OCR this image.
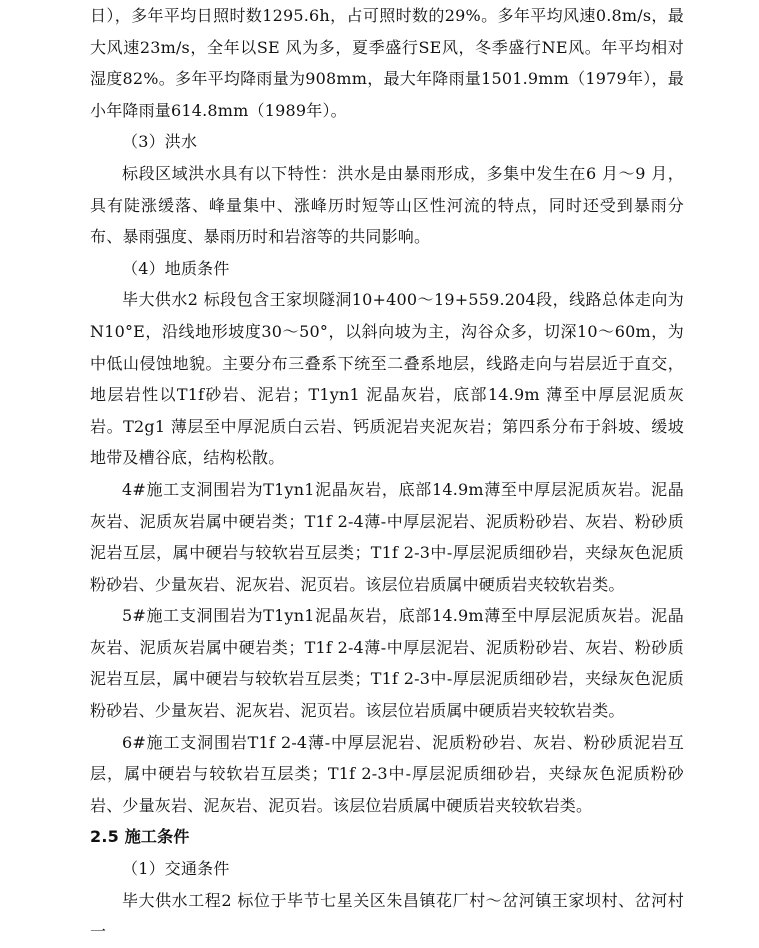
日），多年平均日照时数1295.6h，占可照时数的29%。多年平均风速0.8m/s，最大风速23m/s，全年以SE 风为多，夏季盛行SE风，冬季盛行NE风。年平均相对湿度82%。多年平均降雨量为908mm，最大年降雨量1501.9mm（1979年），最小年降雨量614.8mm（1989年）。

（3）洪水

标段区域洪水具有以下特性：洪水是由暴雨形成，多集中发生在6 月～9 月，具有陡涨缓落、峰量集中、涨峰历时短等山区性河流的特点，同时还受到暴雨分布、暴雨强度、暴雨历时和岩溶等的共同影响。

（4）地质条件

毕大供水2 标段包含王家坝隧洞10+400～19+559.204段，线路总体走向为N10°E，沿线地形坡度30～50°，以斜向坡为主，沟谷众多，切深10～60m，为中低山侵蚀地貌。主要分布三叠系下统至二叠系地层，线路走向与岩层近于直交，地层岩性以T1f砂岩、泥岩；T1yn1 泥晶灰岩，底部14.9m 薄至中厚层泥质灰岩。T2g1 薄层至中厚泥质白云岩、钙质泥岩夹泥灰岩；第四系分布于斜坡、缓坡地带及槽谷底，结构松散。

4#施工支洞围岩为T1yn1泥晶灰岩，底部14.9m薄至中厚层泥质灰岩。泥晶灰岩、泥质灰岩属中硬岩类；T1f 2-4薄-中厚层泥岩、泥质粉砂岩、灰岩、粉砂质泥岩互层，属中硬岩与较软岩互层类；T1f 2-3中-厚层泥质细砂岩，夹绿灰色泥质粉砂岩、少量灰岩、泥灰岩、泥页岩。该层位岩质属中硬质岩夹较软岩类。

5#施工支洞围岩为T1yn1泥晶灰岩，底部14.9m薄至中厚层泥质灰岩。泥晶灰岩、泥质灰岩属中硬岩类；T1f 2-4薄-中厚层泥岩、泥质粉砂岩、灰岩、粉砂质泥岩互层，属中硬岩与较软岩互层类；T1f 2-3中-厚层泥质细砂岩，夹绿灰色泥质粉砂岩、少量灰岩、泥灰岩、泥页岩。该层位岩质属中硬质岩夹较软岩类。

6#施工支洞围岩T1f 2-4薄-中厚层泥岩、泥质粉砂岩、灰岩、粉砂质泥岩互层，属中硬岩与较软岩互层类；T1f 2-3中-厚层泥质细砂岩，夹绿灰色泥质粉砂岩、少量灰岩、泥灰岩、泥页岩。该层位岩质属中硬质岩夹较软岩类。

2.5 施工条件

（1）交通条件

毕大供水工程2 标位于毕节七星关区朱昌镇花厂村～岔河镇王家坝村、岔河村一
